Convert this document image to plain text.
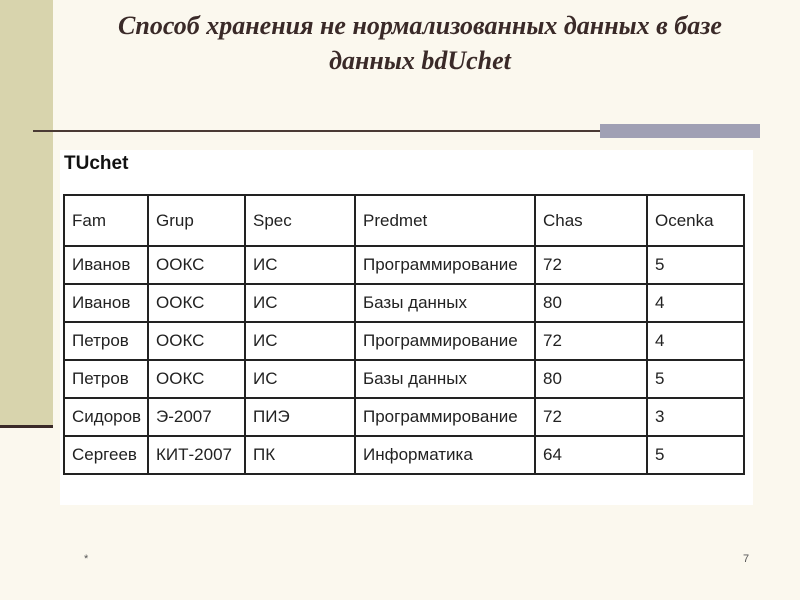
Способ хранения не нормализованных данных в базе
данных bdUchet
TUchet
Fam	Grup	Spec	Predmet	Chas	Ocenka
Иванов	ООКС	ИС	Программирование	72	5
Иванов	ООКС	ИС	Базы данных	80	4
Петров	ООКС	ИС	Программирование	72	4
Петров	ООКС	ИС	Базы данных	80	5
Сидоров	Э-2007	ПИЭ	Программирование	72	3
Сергеев	КИТ-2007	ПК	Информатика	64	5
*	7
